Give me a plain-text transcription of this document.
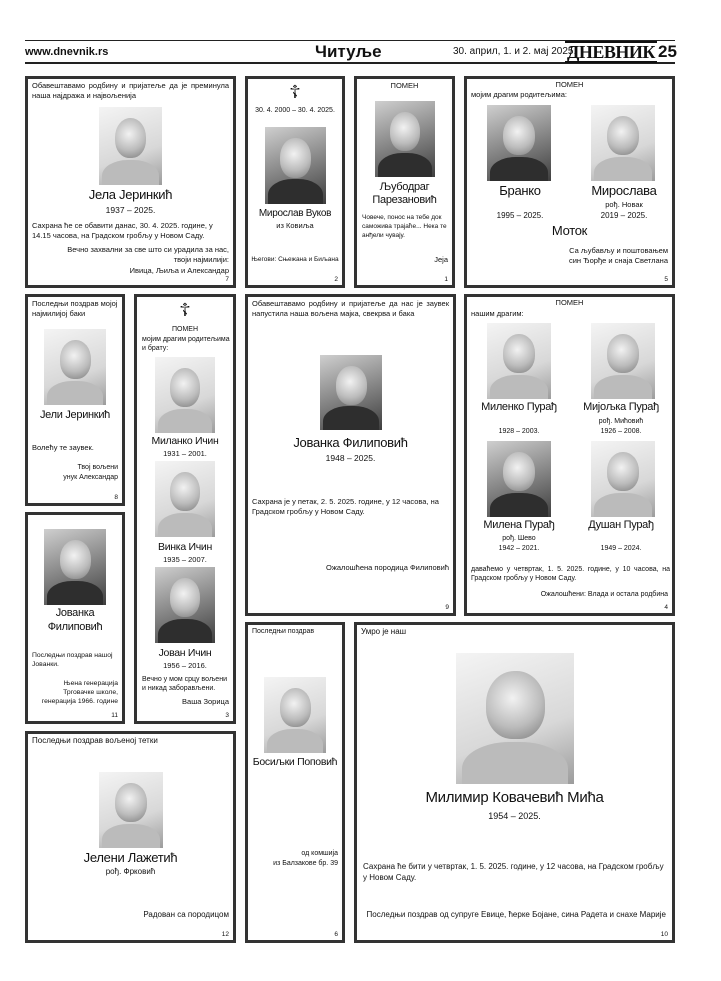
www.dnevnik.rs	Читуље	30. април, 1. и 2. мај 2025.
ДНЕВНИК 25
Обавештавамо родбину и пријатеље да је преминула наша најдража и највољенија
Јела Јеринкић
1937 – 2025.
Сахрана ће се обавити данас, 30. 4. 2025. године, у 14.15 часова, на Градском гробљу у Новом Саду.
Вечно захвални за све што си урадила за нас,
твоји најмилији:
Ивица, Љиља и Александар
7
☦
30. 4. 2000 – 30. 4. 2025.
Мирослав Вуков
из Ковиља
Његови: Сњежана и Биљана
2
ПОМЕН
Љубодраг
Парезановић
Човече, понос на тебе док саможива трајаће... Нека те анђели чувају.
Јеја
1
ПОМЕН
мојим драгим родитељима:
Бранко	Мирослава
рођ. Новак
1995 – 2025.	2019 – 2025.
Моток
Са љубављу и поштовањем
син Ђорђе и снаја Светлана
5
Последњи поздрав мојој најмилијој баки
Јели Јеринкић
Волећу те заувек.
Твој вољени
унук Александар
8
☦
ПОМЕН
мојим драгим родитељима и брату:
Миланко Ичин
1931 – 2001.
Винка Ичин
1935 – 2007.
Јован Ичин
1956 – 2016.
Вечно у мом срцу вољени и никад заборављени.
Ваша Зорица
3
Обавештавамо родбину и пријатеље да нас је заувек напустила наша вољена мајка, свекрва и бака
Јованка Филиповић
1948 – 2025.
Сахрана је у петак, 2. 5. 2025. године, у 12 часова, на Градском гробљу у Новом Саду.
Ожалошћена породица Филиповић
9
ПОМЕН
нашим драгим:
Миленко Пурађ	Мијољка Пурађ
рођ. Мићовић
1928 – 2003.	1926 – 2008.
Милена Пурађ	Душан Пурађ
рођ. Шево
1942 – 2021.	1949 – 2024.
даваћемо у четвртак, 1. 5. 2025. године, у 10 часова, на Градском гробљу у Новом Саду.
Ожалошћени: Влада и остала родбина
4
Јованка
Филиповић
Последњи поздрав нашој Јованки.
Њена генерација
Трговачке школе,
генерација 1966. године
11
Последњи поздрав
Босиљки Поповић
од комшија
из Балзакове бр. 39
6
Умро је наш
Милимир Ковачевић Мића
1954 – 2025.
Сахрана ће бити у четвртак, 1. 5. 2025. године, у 12 часова, на Градском гробљу у Новом Саду.
Последњи поздрав од супруге Евице, ћерке Бојане, сина Радета и снахе Марије
10
Последњи поздрав вољеној тетки
Јелени Лажетић
рођ. Фрковић
Радован са породицом
12
